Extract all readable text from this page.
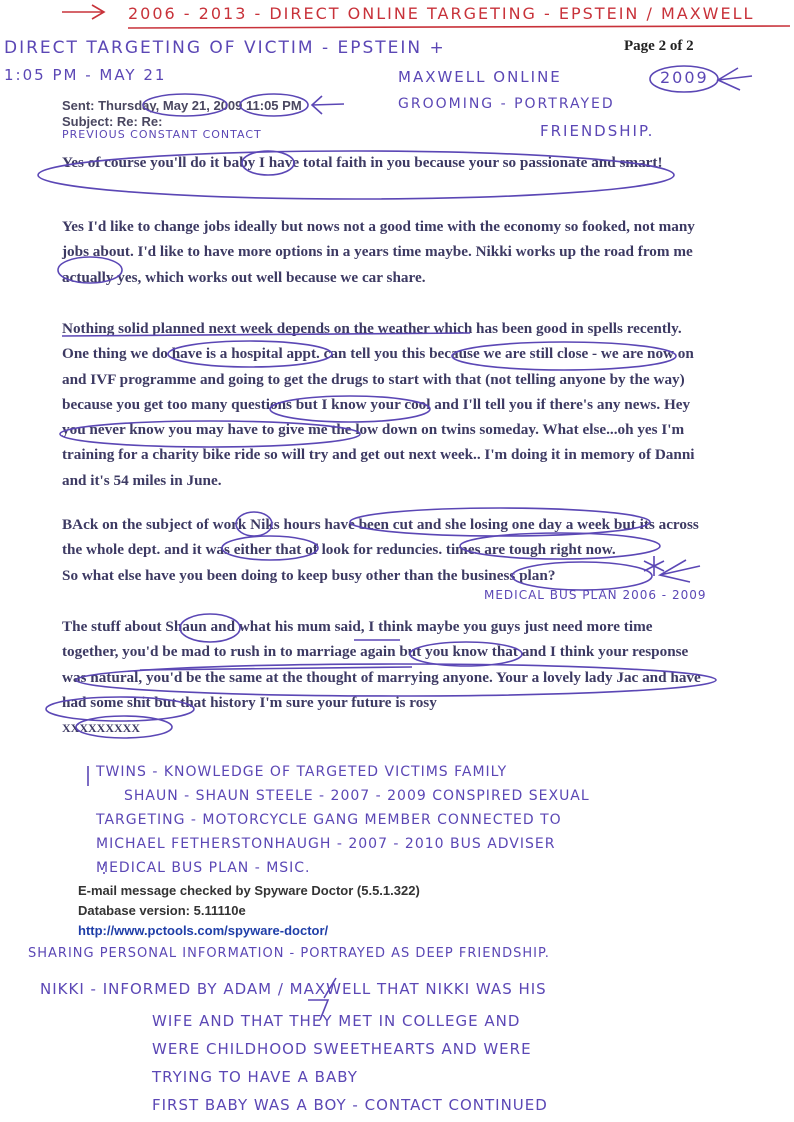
2006 - 2013 - DIRECT ONLINE TARGETING - EPSTEIN / MAXWELL
DIRECT TARGETING OF VICTIM - EPSTEIN +
1:05 PM - MAY 21
Page 2 of 2
MAXWELL ONLINE	2009
GROOMING - PORTRAYED
FRIENDSHIP.
Sent: Thursday, May 21, 2009 11:05 PM
Subject: Re: Re:
PREVIOUS CONSTANT CONTACT

Yes of course you'll do it baby I have total faith in you because your so passionate and smart!

Yes I'd like to change jobs ideally but nows not a good time with the economy so fooked, not many jobs about. I'd like to have more options in a years time maybe. Nikki works up the road from me actually yes, which works out well because we car share.

Nothing solid planned next week depends on the weather which has been good in spells recently. One thing we do have is a hospital appt. can tell you this because we are still close - we are now on and IVF programme and going to get the drugs to start with that (not telling anyone by the way) because you get too many questions but I know your cool and I'll tell you if there's any news. Hey you never know you may have to give me the low down on twins someday. What else...oh yes I'm training for a charity bike ride so will try and get out next week.. I'm doing it in memory of Danni and it's 54 miles in June.

BAck on the subject of work Niks hours have been cut and she losing one day a week but its across the whole dept. and it was either that of look for reduncies. times are tough right now.

So what else have you been doing to keep busy other than the business plan?

MEDICAL BUS PLAN 2006 - 2009

The stuff about Shaun and what his mum said, I think maybe you guys just need more time together, you'd be mad to rush in to marriage again but you know that and I think your response was natural, you'd be the same at the thought of marrying anyone. Your a lovely lady Jac and have had some shit but that history I'm sure your future is rosy

XXXXXXXXX

TWINS - KNOWLEDGE OF TARGETED VICTIMS FAMILY
SHAUN - SHAUN STEELE - 2007 - 2009 CONSPIRED SEXUAL
TARGETING - MOTORCYCLE GANG MEMBER CONNECTED TO
MICHAEL FETHERSTONHAUGH - 2007 - 2010 BUS ADVISER
MEDICAL BUS PLAN - MSIC.
E-mail message checked by Spyware Doctor (5.5.1.322)
Database version: 5.11110e
http://www.pctools.com/spyware-doctor/
SHARING PERSONAL INFORMATION - PORTRAYED AS DEEP FRIENDSHIP.
NIKKI - INFORMED BY ADAM / MAXWELL THAT NIKKI WAS HIS
WIFE AND THAT THEY MET IN COLLEGE AND
WERE CHILDHOOD SWEETHEARTS AND WERE
TRYING TO HAVE A BABY
FIRST BABY WAS A BOY - CONTACT CONTINUED
